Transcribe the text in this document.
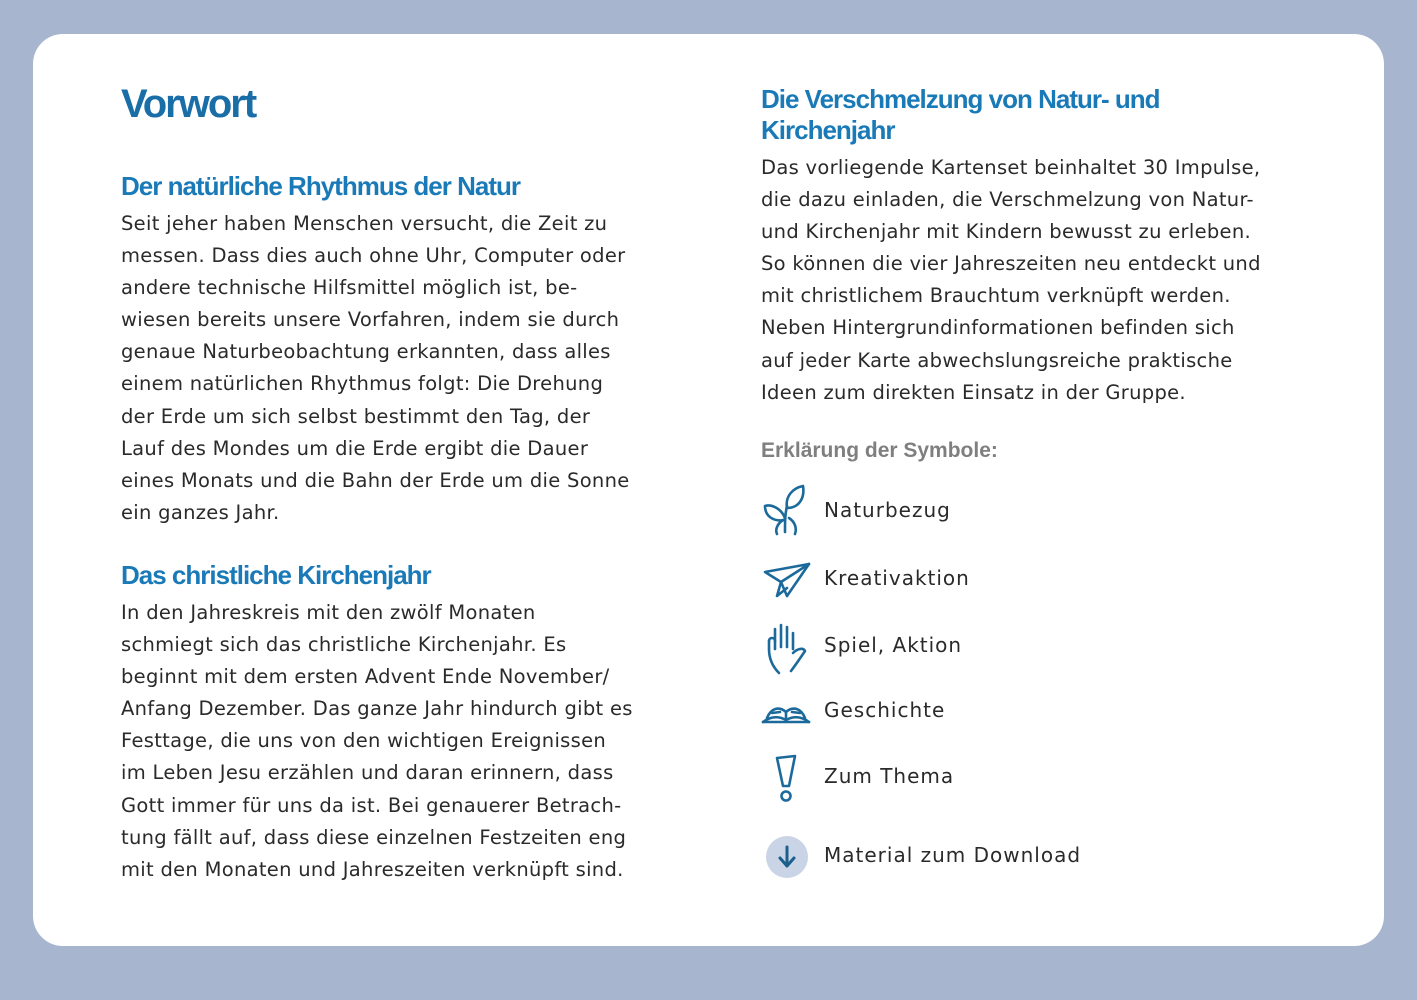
Vorwort
Der natürliche Rhythmus der Natur

Seit jeher haben Menschen versucht, die Zeit zu
messen. Dass dies auch ohne Uhr, Computer oder
andere technische Hilfsmittel möglich ist, be-
wiesen bereits unsere Vorfahren, indem sie durch
genaue Naturbeobachtung erkannten, dass alles
einem natürlichen Rhythmus folgt: Die Drehung
der Erde um sich selbst bestimmt den Tag, der
Lauf des Mondes um die Erde ergibt die Dauer
eines Monats und die Bahn der Erde um die Sonne
ein ganzes Jahr.

Das christliche Kirchenjahr

In den Jahreskreis mit den zwölf Monaten
schmiegt sich das christliche Kirchenjahr. Es
beginnt mit dem ersten Advent Ende November/
Anfang Dezember. Das ganze Jahr hindurch gibt es
Festtage, die uns von den wichtigen Ereignissen
im Leben Jesu erzählen und daran erinnern, dass
Gott immer für uns da ist. Bei genauerer Betrach-
tung fällt auf, dass diese einzelnen Festzeiten eng
mit den Monaten und Jahreszeiten verknüpft sind.

Die Verschmelzung von Natur- und
Kirchenjahr

Das vorliegende Kartenset beinhaltet 30 Impulse,
die dazu einladen, die Verschmelzung von Natur-
und Kirchenjahr mit Kindern bewusst zu erleben.
So können die vier Jahreszeiten neu entdeckt und
mit christlichem Brauchtum verknüpft werden.
Neben Hintergrundinformationen befinden sich
auf jeder Karte abwechslungsreiche praktische
Ideen zum direkten Einsatz in der Gruppe.

Erklärung der Symbole:

Naturbezug
Kreativaktion
Spiel, Aktion
Geschichte
Zum Thema
Material zum Download
